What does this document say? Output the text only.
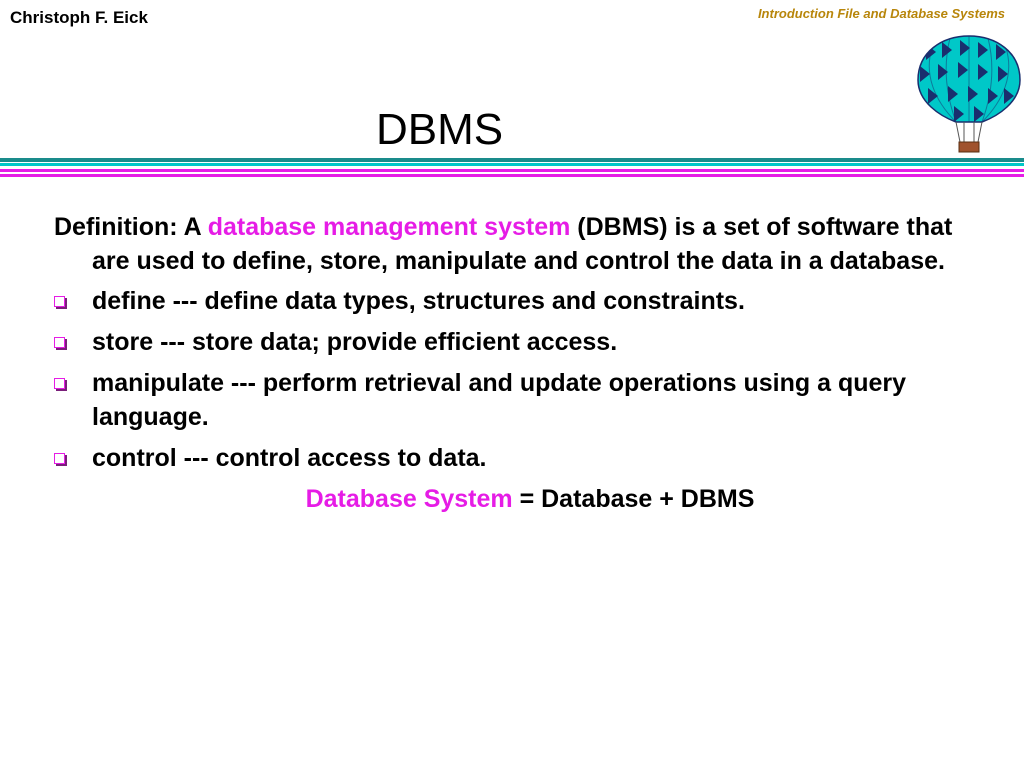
Christoph F. Eick	Introduction File and Database Systems
DBMS

Definition: A database management system (DBMS) is a set of software that are used to define, store, manipulate and control the data in a database.

define --- define data types, structures and constraints.
store --- store data; provide efficient access.
manipulate --- perform retrieval and update operations using a query language.
control --- control access to data.

Database System = Database + DBMS
